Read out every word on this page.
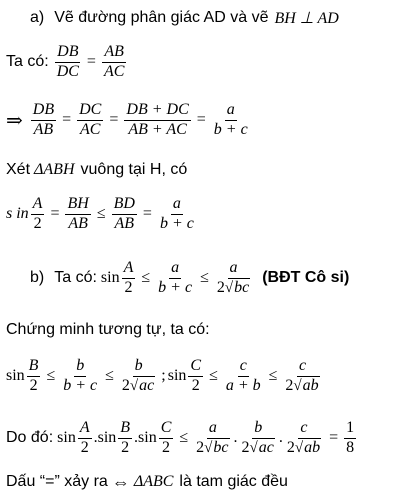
a) Vẽ đường phân giác AD và vẽ BH ⊥ AD
Ta có: $\frac{DB}{DC} = \frac{AB}{AC}$
⇒ $\frac{DB}{AB} = \frac{DC}{AC} = \frac{DB + DC}{AB + AC} = \frac{a}{b + c}$
Xét ΔABH vuông tại H, có
s in $\frac{A}{2} = \frac{BH}{AB} \le \frac{BD}{AB} = \frac{a}{b + c}$
b) Ta có: $\sin \frac{A}{2} \le \frac{a}{b + c} \le \frac{a}{2√bc}$ (BĐT Cô si)
Chứng minh tương tự, ta có:
$\sin \frac{B}{2} \le \frac{b}{b + c} \le \frac{b}{2√ac}$ ; $\sin \frac{C}{2} \le \frac{c}{a + b} \le \frac{c}{2√ab}$
Do đó: $\sin \frac{A}{2}$ . $\sin \frac{B}{2}$ . $\sin \frac{C}{2} \le \frac{a}{2√bc}$ . $\frac{b}{2√ac}$ . $\frac{c}{2√ab} = \frac{1}{8}$
Dấu “=” xảy ra ⇔ ΔABC là tam giác đều
